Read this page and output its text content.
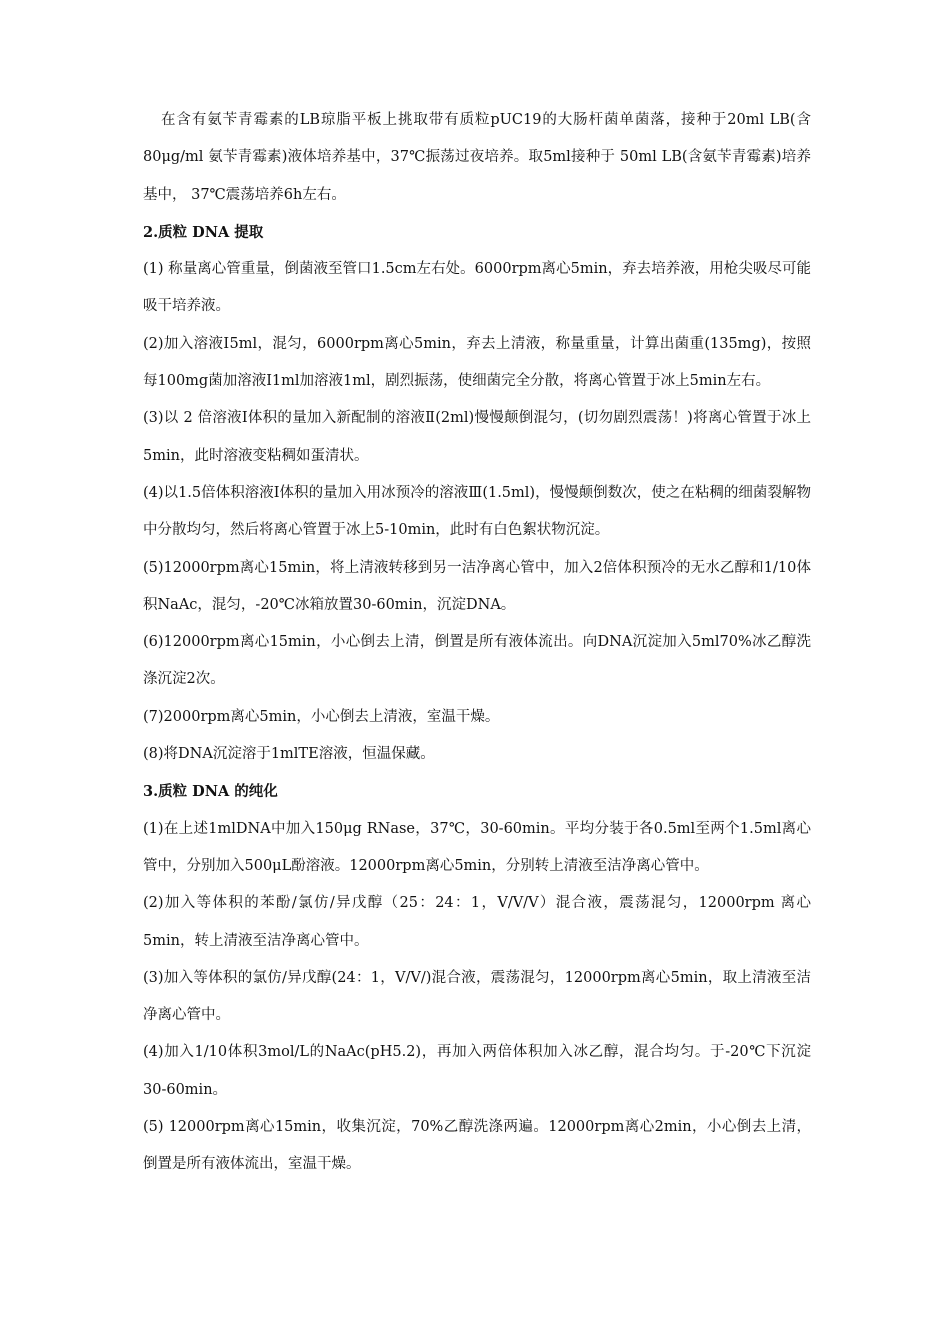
在含有氨苄青霉素的LB琼脂平板上挑取带有质粒pUC19的大肠杆菌单菌落，接种于20ml LB(含 80μg/ml 氨苄青霉素)液体培养基中，37℃振荡过夜培养。取5ml接种于 50ml LB(含氨苄青霉素)培养基中， 37℃震荡培养6h左右。

2.质粒 DNA 提取

(1) 称量离心管重量，倒菌液至管口1.5cm左右处。6000rpm离心5min，弃去培养液，用枪尖吸尽可能吸干培养液。

(2)加入溶液Ⅰ5ml，混匀，6000rpm离心5min，弃去上清液，称量重量，计算出菌重(135mg)，按照每100mg菌加溶液Ⅰ1ml加溶液1ml，剧烈振荡，使细菌完全分散，将离心管置于冰上5min左右。

(3)以 2 倍溶液Ⅰ体积的量加入新配制的溶液Ⅱ(2ml)慢慢颠倒混匀，(切勿剧烈震荡！)将离心管置于冰上5min，此时溶液变粘稠如蛋清状。

(4)以1.5倍体积溶液Ⅰ体积的量加入用冰预冷的溶液Ⅲ(1.5ml)，慢慢颠倒数次，使之在粘稠的细菌裂解物中分散均匀，然后将离心管置于冰上5-10min，此时有白色絮状物沉淀。

(5)12000rpm离心15min，将上清液转移到另一洁净离心管中，加入2倍体积预冷的无水乙醇和1/10体积NaAc，混匀，-20℃冰箱放置30-60min，沉淀DNA。

(6)12000rpm离心15min，小心倒去上清，倒置是所有液体流出。向DNA沉淀加入5ml70%冰乙醇洗涤沉淀2次。

(7)2000rpm离心5min，小心倒去上清液，室温干燥。

(8)将DNA沉淀溶于1mlTE溶液，恒温保藏。

3.质粒 DNA 的纯化

(1)在上述1mlDNA中加入150μg RNase，37℃，30-60min。平均分装于各0.5ml至两个1.5ml离心管中，分别加入500μL酚溶液。12000rpm离心5min，分别转上清液至洁净离心管中。

(2)加入等体积的苯酚/氯仿/异戊醇（25：24：1，V/V/V）混合液，震荡混匀，12000rpm 离心5min，转上清液至洁净离心管中。

(3)加入等体积的氯仿/异戊醇(24：1，V/V/)混合液，震荡混匀，12000rpm离心5min，取上清液至洁净离心管中。

(4)加入1/10体积3mol/L的NaAc(pH5.2)，再加入两倍体积加入冰乙醇，混合均匀。于-20℃下沉淀30-60min。

(5) 12000rpm离心15min，收集沉淀，70%乙醇洗涤两遍。12000rpm离心2min，小心倒去上清，倒置是所有液体流出，室温干燥。
